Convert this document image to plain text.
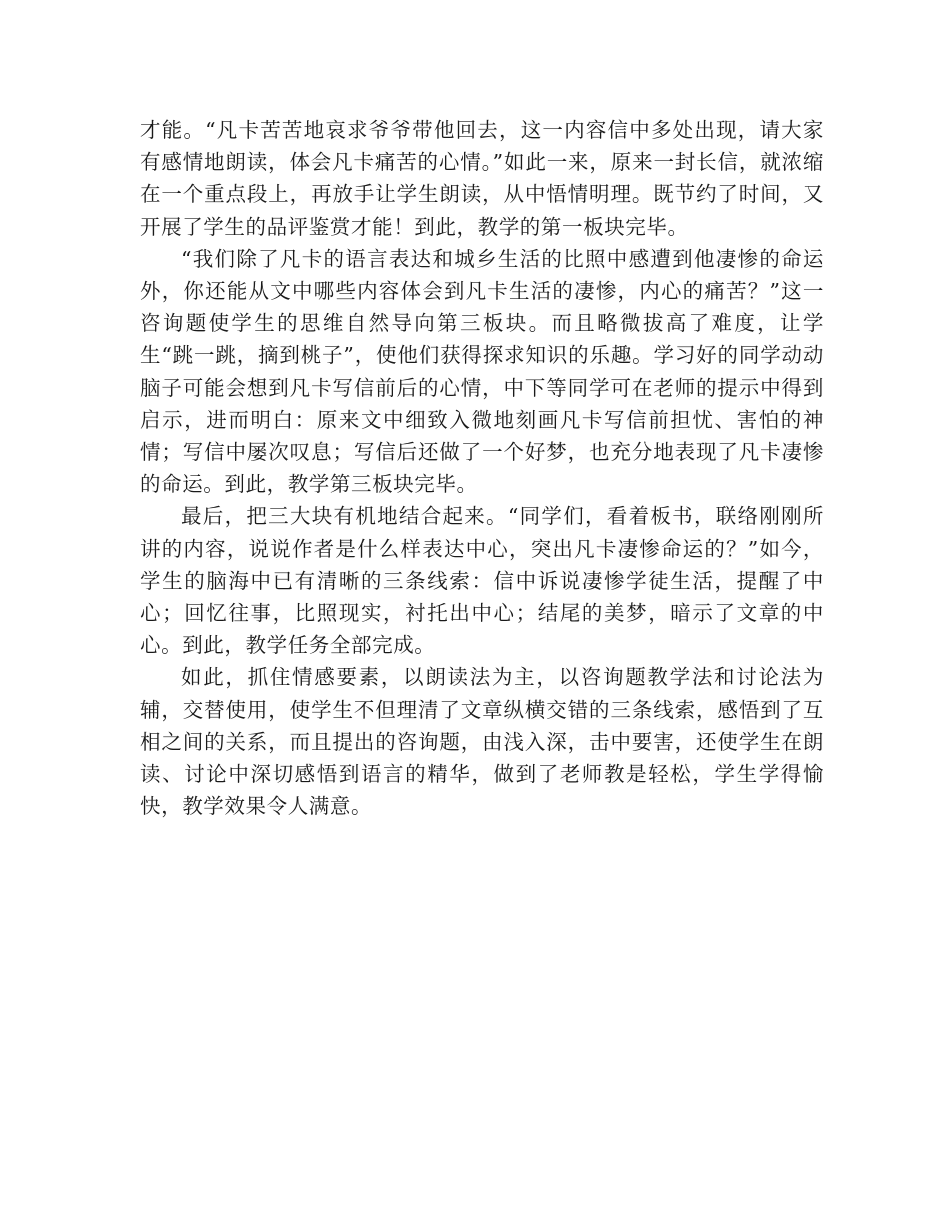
才能。“凡卡苦苦地哀求爷爷带他回去，这一内容信中多处出现，请大家有感情地朗读，体会凡卡痛苦的心情。”如此一来，原来一封长信，就浓缩在一个重点段上，再放手让学生朗读，从中悟情明理。既节约了时间，又开展了学生的品评鉴赏才能！到此，教学的第一板块完毕。

“我们除了凡卡的语言表达和城乡生活的比照中感遭到他凄惨的命运外，你还能从文中哪些内容体会到凡卡生活的凄惨，内心的痛苦？”这一咨询题使学生的思维自然导向第三板块。而且略微拔高了难度，让学生“跳一跳，摘到桃子”，使他们获得探求知识的乐趣。学习好的同学动动脑子可能会想到凡卡写信前后的心情，中下等同学可在老师的提示中得到启示，进而明白：原来文中细致入微地刻画凡卡写信前担忧、害怕的神情；写信中屡次叹息；写信后还做了一个好梦，也充分地表现了凡卡凄惨的命运。到此，教学第三板块完毕。

最后，把三大块有机地结合起来。“同学们，看着板书，联络刚刚所讲的内容，说说作者是什么样表达中心，突出凡卡凄惨命运的？”如今，学生的脑海中已有清晰的三条线索：信中诉说凄惨学徒生活，提醒了中心；回忆往事，比照现实，衬托出中心；结尾的美梦，暗示了文章的中心。到此，教学任务全部完成。

如此，抓住情感要素，以朗读法为主，以咨询题教学法和讨论法为辅，交替使用，使学生不但理清了文章纵横交错的三条线索，感悟到了互相之间的关系，而且提出的咨询题，由浅入深，击中要害，还使学生在朗读、讨论中深切感悟到语言的精华，做到了老师教是轻松，学生学得愉快，教学效果令人满意。
